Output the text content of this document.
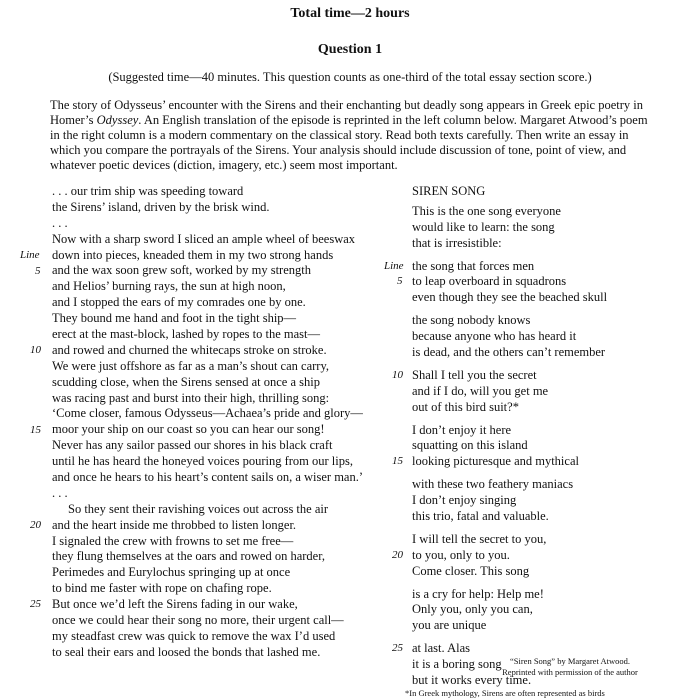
Total time—2 hours
Question 1
(Suggested time—40 minutes. This question counts as one-third of the total essay section score.)

The story of Odysseus’ encounter with the Sirens and their enchanting but deadly song appears in Greek epic poetry in Homer’s Odyssey. An English translation of the episode is reprinted in the left column below. Margaret Atwood’s poem in the right column is a modern commentary on the classical story. Read both texts carefully. Then write an essay in which you compare the portrayals of the Sirens. Your analysis should include discussion of tone, point of view, and whatever poetic devices (diction, imagery, etc.) seem most important.

. . . our trim ship was speeding toward
the Sirens’ island, driven by the brisk wind.
. . .
Now with a sharp sword I sliced an ample wheel of beeswax
down into pieces, kneaded them in my two strong hands
and the wax soon grew soft, worked by my strength
and Helios’ burning rays, the sun at high noon,
and I stopped the ears of my comrades one by one.
They bound me hand and foot in the tight ship—
erect at the mast-block, lashed by ropes to the mast—
and rowed and churned the whitecaps stroke on stroke.
We were just offshore as far as a man’s shout can carry,
scudding close, when the Sirens sensed at once a ship
was racing past and burst into their high, thrilling song:
‘Come closer, famous Odysseus—Achaea’s pride and glory—
moor your ship on our coast so you can hear our song!
Never has any sailor passed our shores in his black craft
until he has heard the honeyed voices pouring from our lips,
and once he hears to his heart’s content sails on, a wiser man.’
. . .
So they sent their ravishing voices out across the air
and the heart inside me throbbed to listen longer.
I signaled the crew with frowns to set me free—
they flung themselves at the oars and rowed on harder,
Perimedes and Eurylochus springing up at once
to bind me faster with rope on chafing rope.
But once we’d left the Sirens fading in our wake,
once we could hear their song no more, their urgent call—
my steadfast crew was quick to remove the wax I’d used
to seal their ears and loosed the bonds that lashed me.
Line
5
10
15
20
25
SIREN SONG
This is the one song everyone
would like to learn: the song
that is irresistible:
the song that forces men
to leap overboard in squadrons
even though they see the beached skull
the song nobody knows
because anyone who has heard it
is dead, and the others can’t remember
Shall I tell you the secret
and if I do, will you get me
out of this bird suit?*
I don’t enjoy it here
squatting on this island
looking picturesque and mythical
with these two feathery maniacs
I don’t enjoy singing
this trio, fatal and valuable.
I will tell the secret to you,
to you, only to you.
Come closer. This song
is a cry for help: Help me!
Only you, only you can,
you are unique
at last. Alas
it is a boring song
but it works every time.
Line
5
10
15
20
25
“Siren Song” by Margaret Atwood.
Reprinted with permission of the author
*In Greek mythology, Sirens are often represented as birds
